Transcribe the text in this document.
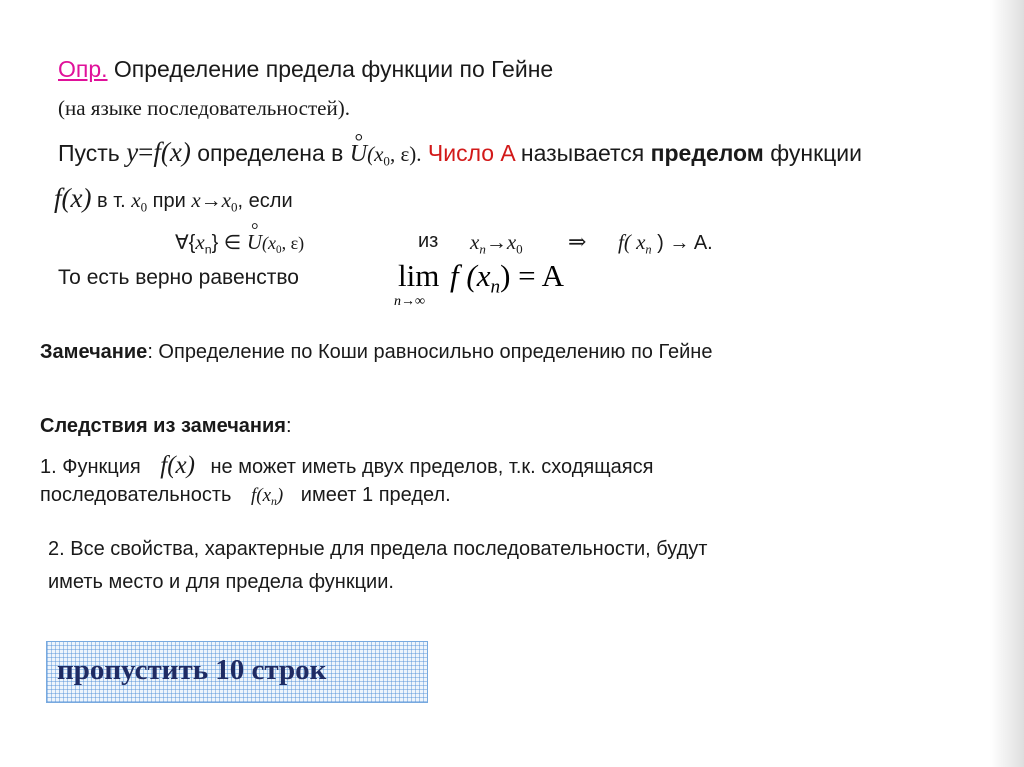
Опр. Определение предела функции по Гейне
(на языке последовательностей).
Пусть y=f(x) определена в ° $U(x_0$, ε). Число A называется пределом функции
f(x) в т. $x_0$ при $x\to x_0$, если
$\forall\{x_n\}$ ∈ ° $U(x_0$, ε)	из $x_n\to x_0$ ⇒ f( $x_n$ ) → A.
То есть верно равенство	lim
n→∞
f $(x_n) = A$
Замечание: Определение по Коши равносильно определению по Гейне
Следствия из замечания:
1. Функция f(x) не может иметь двух пределов, т.к. сходящаяся
последовательность $f(x_n)$ имеет 1 предел.
2. Все свойства, характерные для предела последовательности, будут
иметь место и для предела функции.
пропустить 10 строк
